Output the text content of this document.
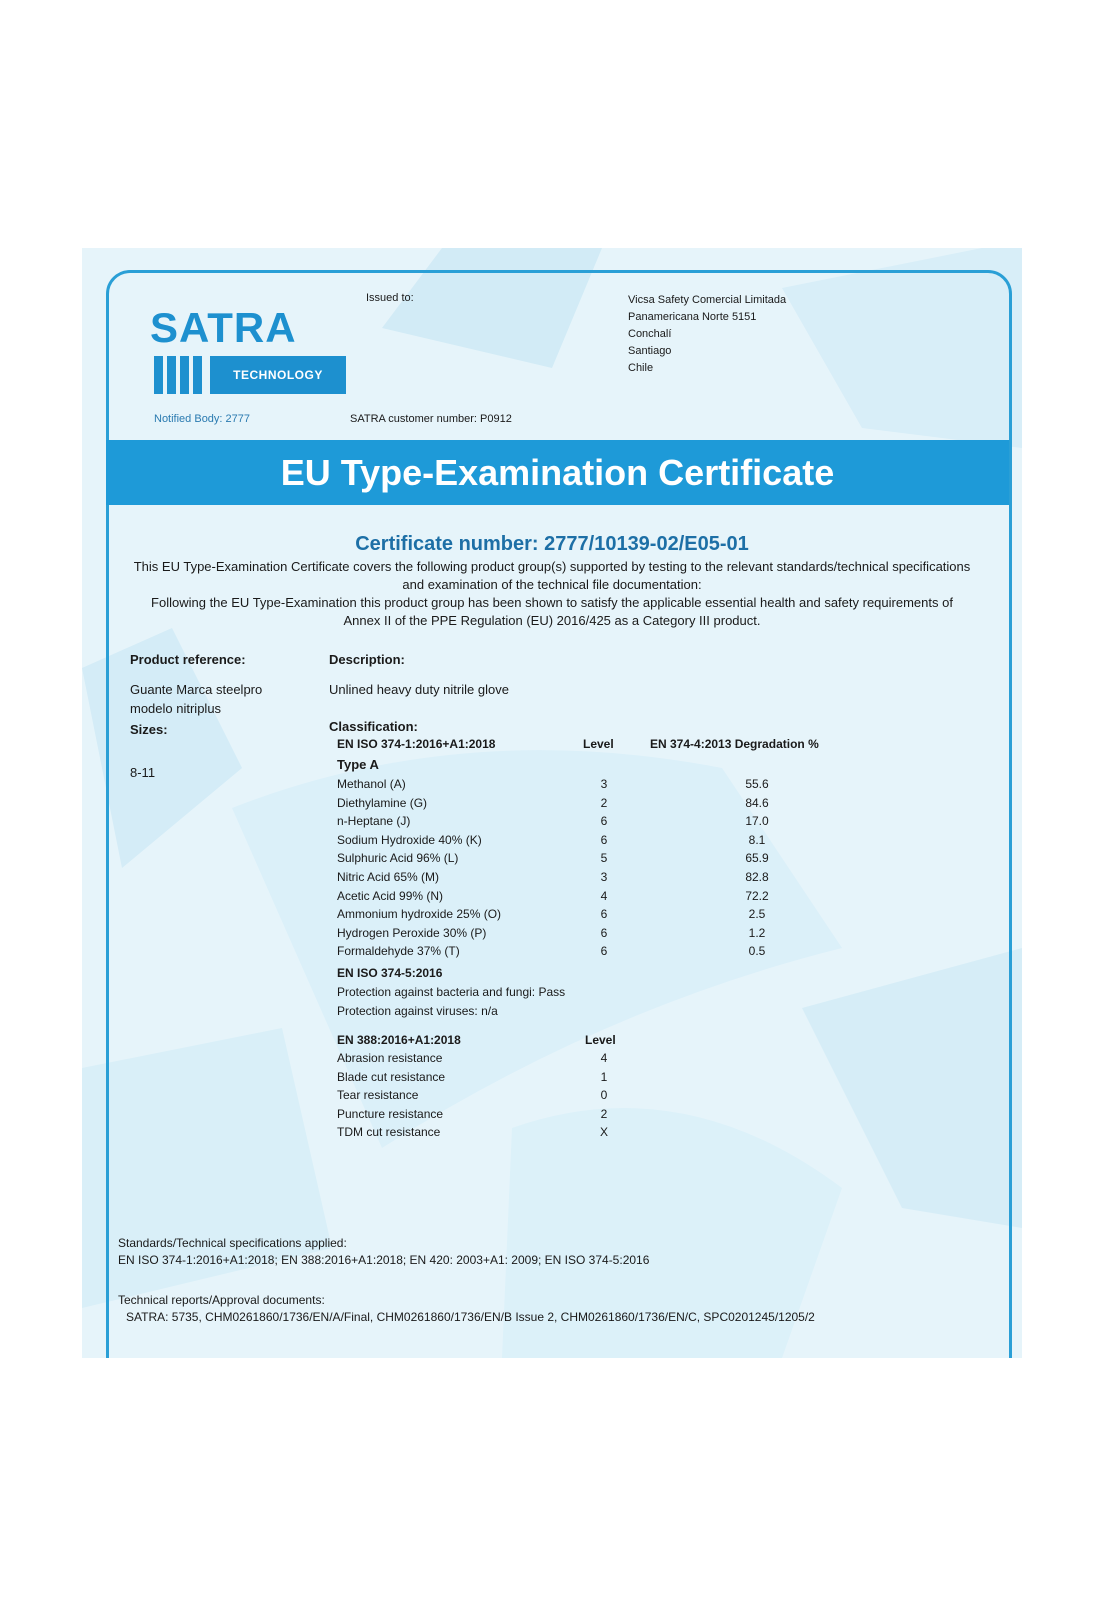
SATRA
TECHNOLOGY
Issued to:	Vicsa Safety Comercial Limitada
Panamericana Norte 5151
Conchalí
Santiago
Chile
Notified Body: 2777	SATRA customer number: P0912
EU Type-Examination Certificate
Certificate number: 2777/10139-02/E05-01

This EU Type-Examination Certificate covers the following product group(s) supported by testing to the relevant standards/technical specifications and examination of the technical file documentation:

Following the EU Type-Examination this product group has been shown to satisfy the applicable essential health and safety requirements of Annex II of the PPE Regulation (EU) 2016/425 as a Category III product.

Product reference:
Guante Marca steelpro modelo nitriplus
Sizes:
8-11
Description:
Unlined heavy duty nitrile glove
Classification:
EN ISO 374-1:2016+A1:2018	Level	EN 374-4:2013 Degradation %
Type A
Methanol (A)	3	55.6
Diethylamine (G)	2	84.6
n-Heptane (J)	6	17.0
Sodium Hydroxide 40% (K)	6	8.1
Sulphuric Acid 96% (L)	5	65.9
Nitric Acid 65% (M)	3	82.8
Acetic Acid 99% (N)	4	72.2
Ammonium hydroxide 25% (O)	6	2.5
Hydrogen Peroxide 30% (P)	6	1.2
Formaldehyde 37% (T)	6	0.5
EN ISO 374-5:2016
Protection against bacteria and fungi: Pass
Protection against viruses: n/a
EN 388:2016+A1:2018	Level
Abrasion resistance	4
Blade cut resistance	1
Tear resistance	0
Puncture resistance	2
TDM cut resistance	X
Standards/Technical specifications applied:
EN ISO 374-1:2016+A1:2018; EN 388:2016+A1:2018; EN 420: 2003+A1: 2009; EN ISO 374-5:2016
Technical reports/Approval documents:
SATRA: 5735, CHM0261860/1736/EN/A/Final, CHM0261860/1736/EN/B Issue 2, CHM0261860/1736/EN/C, SPC0201245/1205/2
